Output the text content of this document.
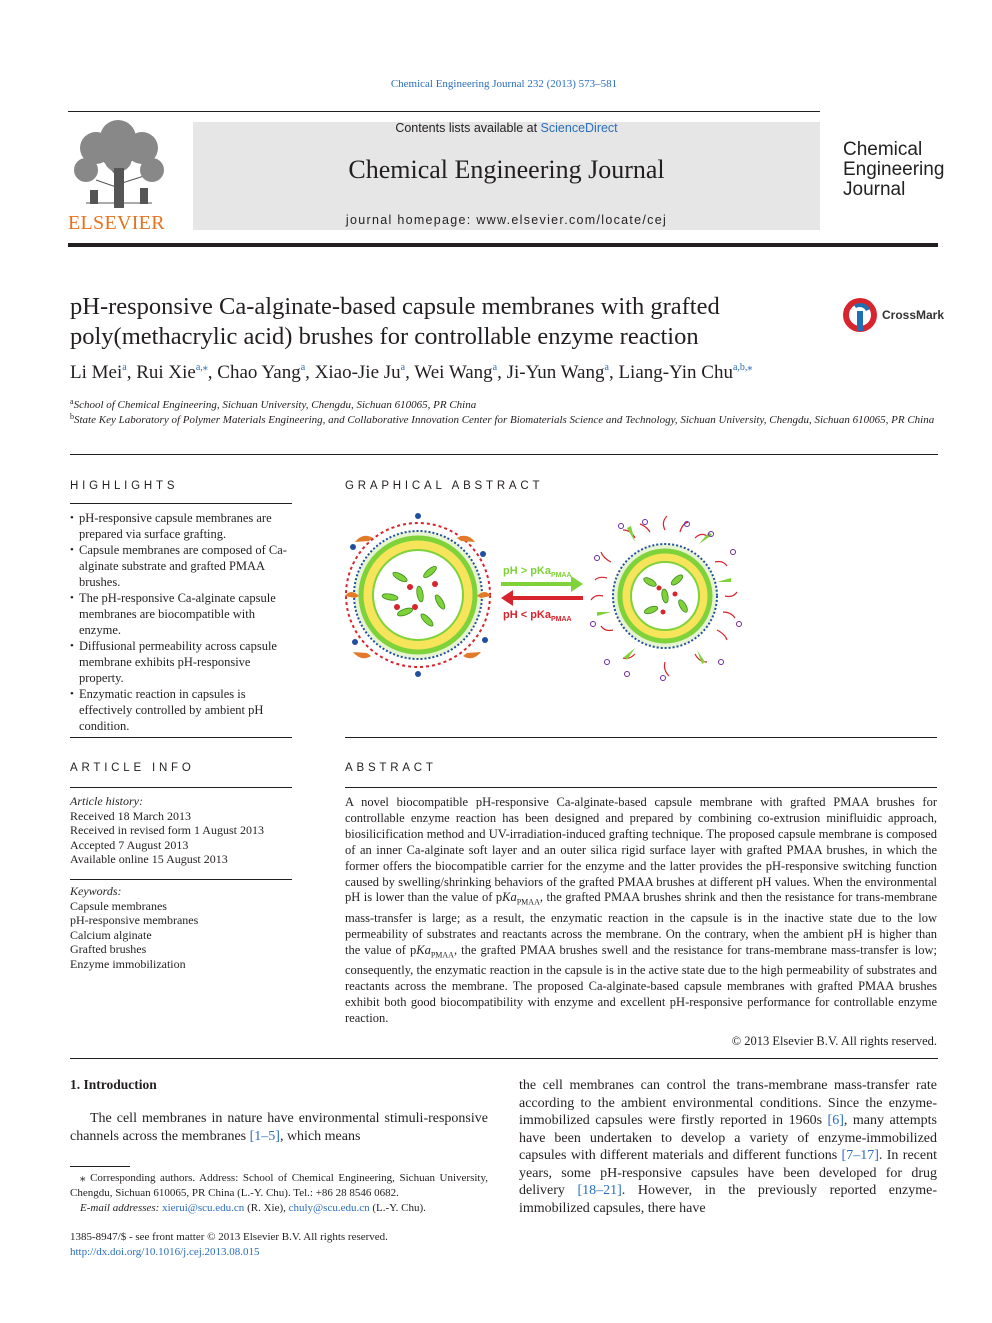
Chemical Engineering Journal 232 (2013) 573–581
ELSEVIER
Contents lists available at ScienceDirect
Chemical Engineering Journal
journal homepage: www.elsevier.com/locate/cej
Chemical
Engineering
Journal
pH-responsive Ca-alginate-based capsule membranes with grafted poly(methacrylic acid) brushes for controllable enzyme reaction
CrossMark
Li Mei$^a$, Rui Xie$^{a,⁎}$, Chao Yang$^a$, Xiao-Jie Ju$^a$, Wei Wang$^a$, Ji-Yun Wang$^a$, Liang-Yin Chu$^{a,b,⁎}$
$^a$School of Chemical Engineering, Sichuan University, Chengdu, Sichuan 610065, PR China
$^b$State Key Laboratory of Polymer Materials Engineering, and Collaborative Innovation Center for Biomaterials Science and Technology, Sichuan University, Chengdu, Sichuan 610065, PR China
HIGHLIGHTS
• pH-responsive capsule membranes are prepared via surface grafting.
• Capsule membranes are composed of Ca-alginate substrate and grafted PMAA brushes.
• The pH-responsive Ca-alginate capsule membranes are biocompatible with enzyme.
• Diffusional permeability across capsule membrane exhibits pH-responsive property.
• Enzymatic reaction in capsules is effectively controlled by ambient pH condition.
GRAPHICAL ABSTRACT
pH > pKa$_{PMAA}$
pH < pKa$_{PMAA}$
ARTICLE INFO
Article history:
Received 18 March 2013
Received in revised form 1 August 2013
Accepted 7 August 2013
Available online 15 August 2013
Keywords:
Capsule membranes
pH-responsive membranes
Calcium alginate
Grafted brushes
Enzyme immobilization
ABSTRACT
A novel biocompatible pH-responsive Ca-alginate-based capsule membrane with grafted PMAA brushes for controllable enzyme reaction has been designed and prepared by combining co-extrusion minifluidic approach, biosilicification method and UV-irradiation-induced grafting technique. The proposed capsule membrane is composed of an inner Ca-alginate soft layer and an outer silica rigid surface layer with grafted PMAA brushes, in which the former offers the biocompatible carrier for the enzyme and the latter provides the pH-responsive switching function caused by swelling/shrinking behaviors of the grafted PMAA brushes at different pH values. When the environmental pH is lower than the value of pKa$_{PMAA}$, the grafted PMAA brushes shrink and then the resistance for trans-membrane mass-transfer is large; as a result, the enzymatic reaction in the capsule is in the inactive state due to the low permeability of substrates and reactants across the membrane. On the contrary, when the ambient pH is higher than the value of pKa$_{PMAA}$, the grafted PMAA brushes swell and the resistance for trans-membrane mass-transfer is low; consequently, the enzymatic reaction in the capsule is in the active state due to the high permeability of substrates and reactants across the membrane. The proposed Ca-alginate-based capsule membranes with grafted PMAA brushes exhibit both good biocompatibility with enzyme and excellent pH-responsive performance for controllable enzyme reaction.
© 2013 Elsevier B.V. All rights reserved.
1. Introduction
The cell membranes in nature have environmental stimuli-responsive channels across the membranes [1–5], which means
the cell membranes can control the trans-membrane mass-transfer rate according to the ambient environmental conditions. Since the enzyme-immobilized capsules were firstly reported in 1960s [6], many attempts have been undertaken to develop a variety of enzyme-immobilized capsules with different materials and different functions [7–17]. In recent years, some pH-responsive capsules have been developed for drug delivery [18–21]. However, in the previously reported enzyme-immobilized capsules, there have
⁎ Corresponding authors. Address: School of Chemical Engineering, Sichuan University, Chengdu, Sichuan 610065, PR China (L.-Y. Chu). Tel.: +86 28 8546 0682.
E-mail addresses: xierui@scu.edu.cn (R. Xie), chuly@scu.edu.cn (L.-Y. Chu).
1385-8947/$ - see front matter © 2013 Elsevier B.V. All rights reserved.
http://dx.doi.org/10.1016/j.cej.2013.08.015
